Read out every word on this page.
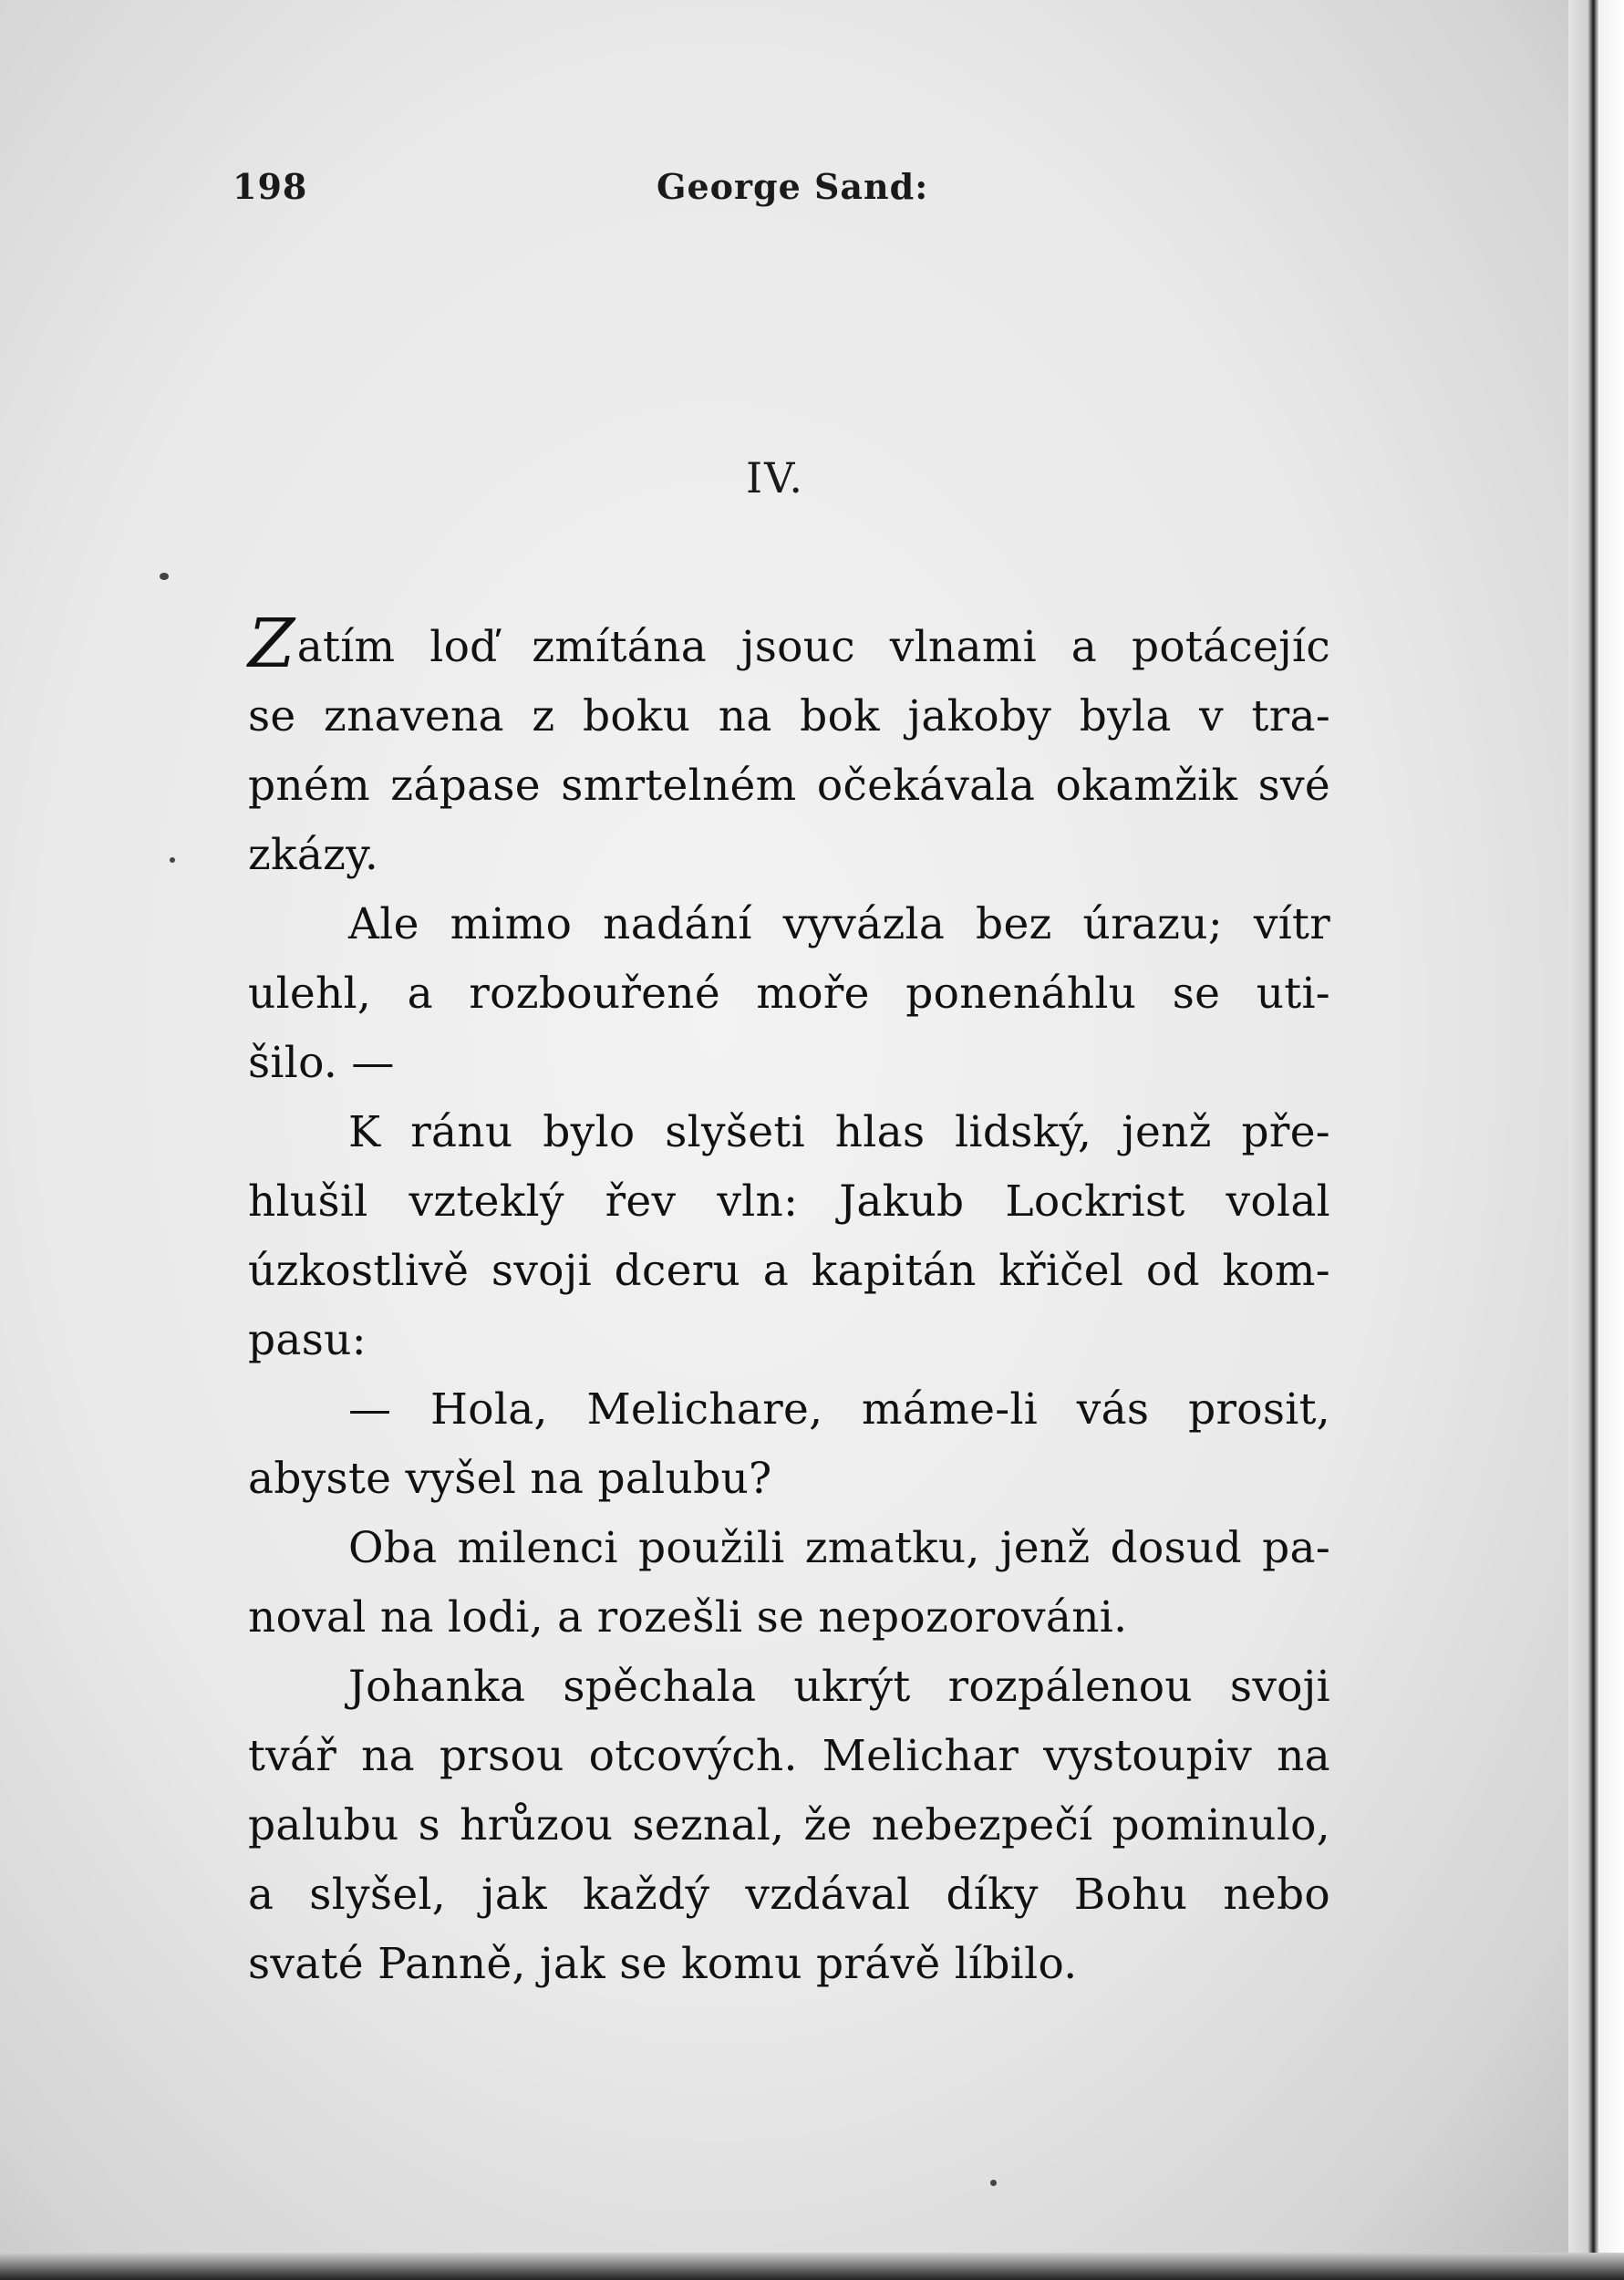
198	George Sand:
IV.
Zatím loď zmítána jsouc vlnami a potácejíc
se znavena z boku na bok jakoby byla v tra-
pném zápase smrtelném očekávala okamžik své
zkázy.
Ale mimo nadání vyvázla bez úrazu; vítr
ulehl, a rozbouřené moře ponenáhlu se uti-
šilo. —
K ránu bylo slyšeti hlas lidský, jenž pře-
hlušil vzteklý řev vln: Jakub Lockrist volal
úzkostlivě svoji dceru a kapitán křičel od kom-
pasu:
— Hola, Melichare, máme-li vás prosit,
abyste vyšel na palubu?
Oba milenci použili zmatku, jenž dosud pa-
noval na lodi, a rozešli se nepozorováni.
Johanka spěchala ukrýt rozpálenou svoji
tvář na prsou otcových. Melichar vystoupiv na
palubu s hrůzou seznal, že nebezpečí pominulo,
a slyšel, jak každý vzdával díky Bohu nebo
svaté Panně, jak se komu právě líbilo.
